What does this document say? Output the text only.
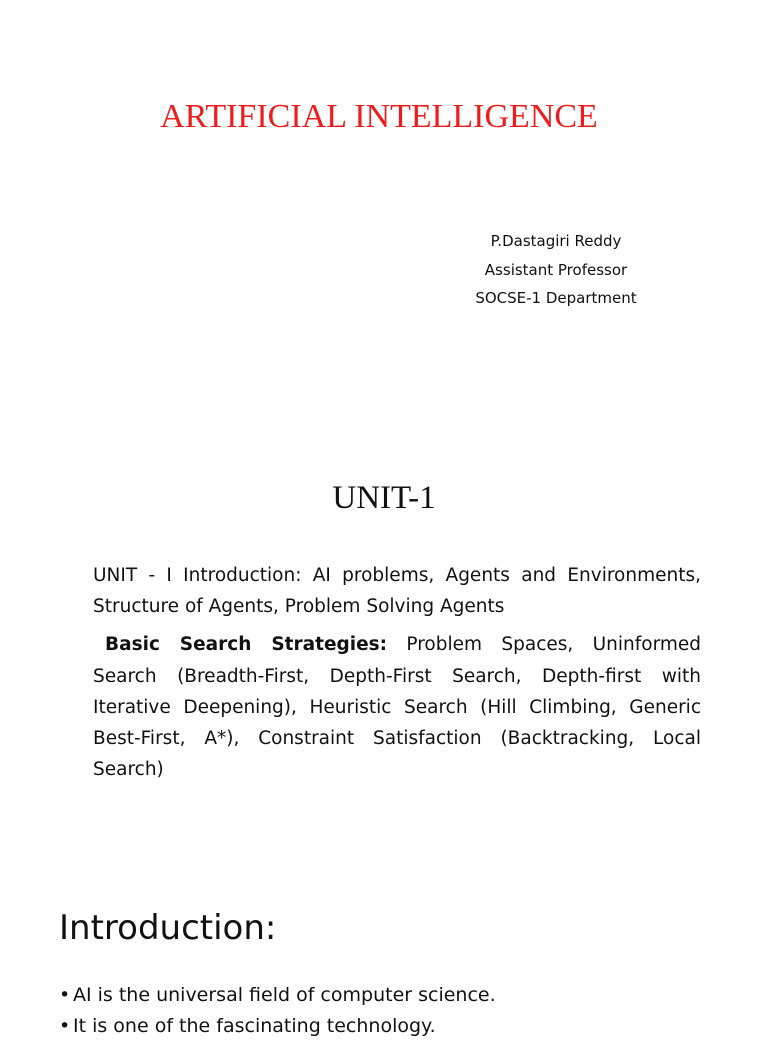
ARTIFICIAL INTELLIGENCE
P.Dastagiri Reddy
Assistant Professor
SOCSE-1 Department
UNIT-1

UNIT - I Introduction: AI problems, Agents and Environments, Structure of Agents, Problem Solving Agents

Basic Search Strategies: Problem Spaces, Uninformed Search (Breadth-First, Depth-First Search, Depth-first with Iterative Deepening), Heuristic Search (Hill Climbing, Generic Best-First, A*), Constraint Satisfaction (Backtracking, Local Search)

Introduction:
• AI is the universal field of computer science.
• It is one of the fascinating technology.
